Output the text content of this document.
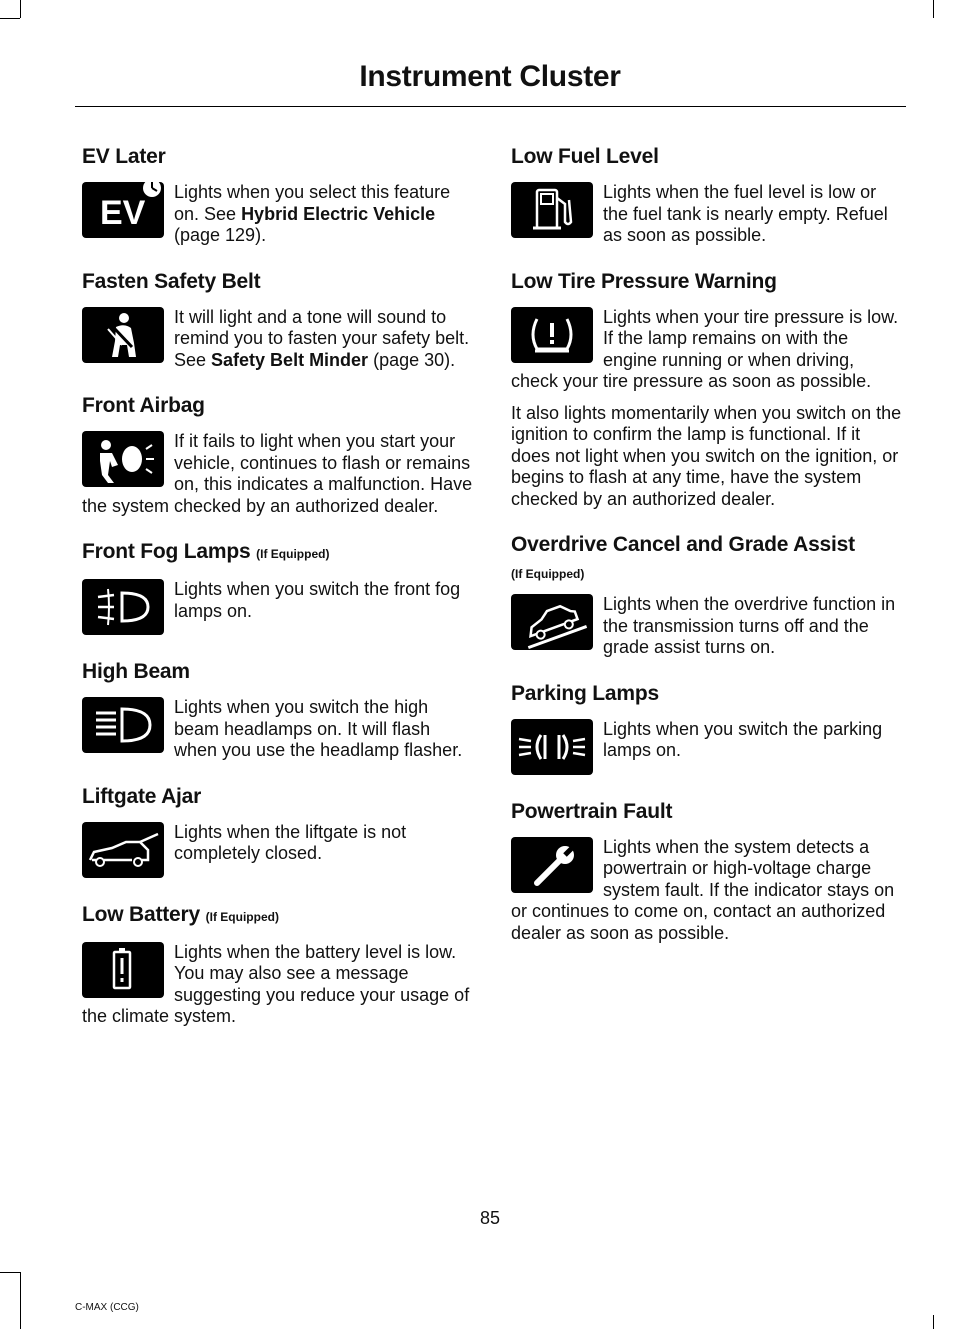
Instrument Cluster
EV Later
EV

Lights when you select this feature on. See Hybrid Electric Vehicle (page 129).

Fasten Safety Belt

It will light and a tone will sound to remind you to fasten your safety belt. See Safety Belt Minder (page 30).

Front Airbag

If it fails to light when you start your vehicle, continues to flash or remains on, this indicates a malfunction. Have the system checked by an authorized dealer.

Front Fog Lamps (If Equipped)

Lights when you switch the front fog lamps on.

High Beam

Lights when you switch the high beam headlamps on. It will flash when you use the headlamp flasher.

Liftgate Ajar

Lights when the liftgate is not completely closed.

Low Battery (If Equipped)

Lights when the battery level is low. You may also see a message suggesting you reduce your usage of the climate system.

Low Fuel Level

Lights when the fuel level is low or the fuel tank is nearly empty. Refuel as soon as possible.

Low Tire Pressure Warning

Lights when your tire pressure is low. If the lamp remains on with the engine running or when driving, check your tire pressure as soon as possible.

It also lights momentarily when you switch on the ignition to confirm the lamp is functional. If it does not light when you switch on the ignition, or begins to flash at any time, have the system checked by an authorized dealer.

Overdrive Cancel and Grade Assist
(If Equipped)

Lights when the overdrive function in the transmission turns off and the grade assist turns on.

Parking Lamps

Lights when you switch the parking lamps on.

Powertrain Fault

Lights when the system detects a powertrain or high-voltage charge system fault. If the indicator stays on or continues to come on, contact an authorized dealer as soon as possible.

85

C-MAX (CCG)
